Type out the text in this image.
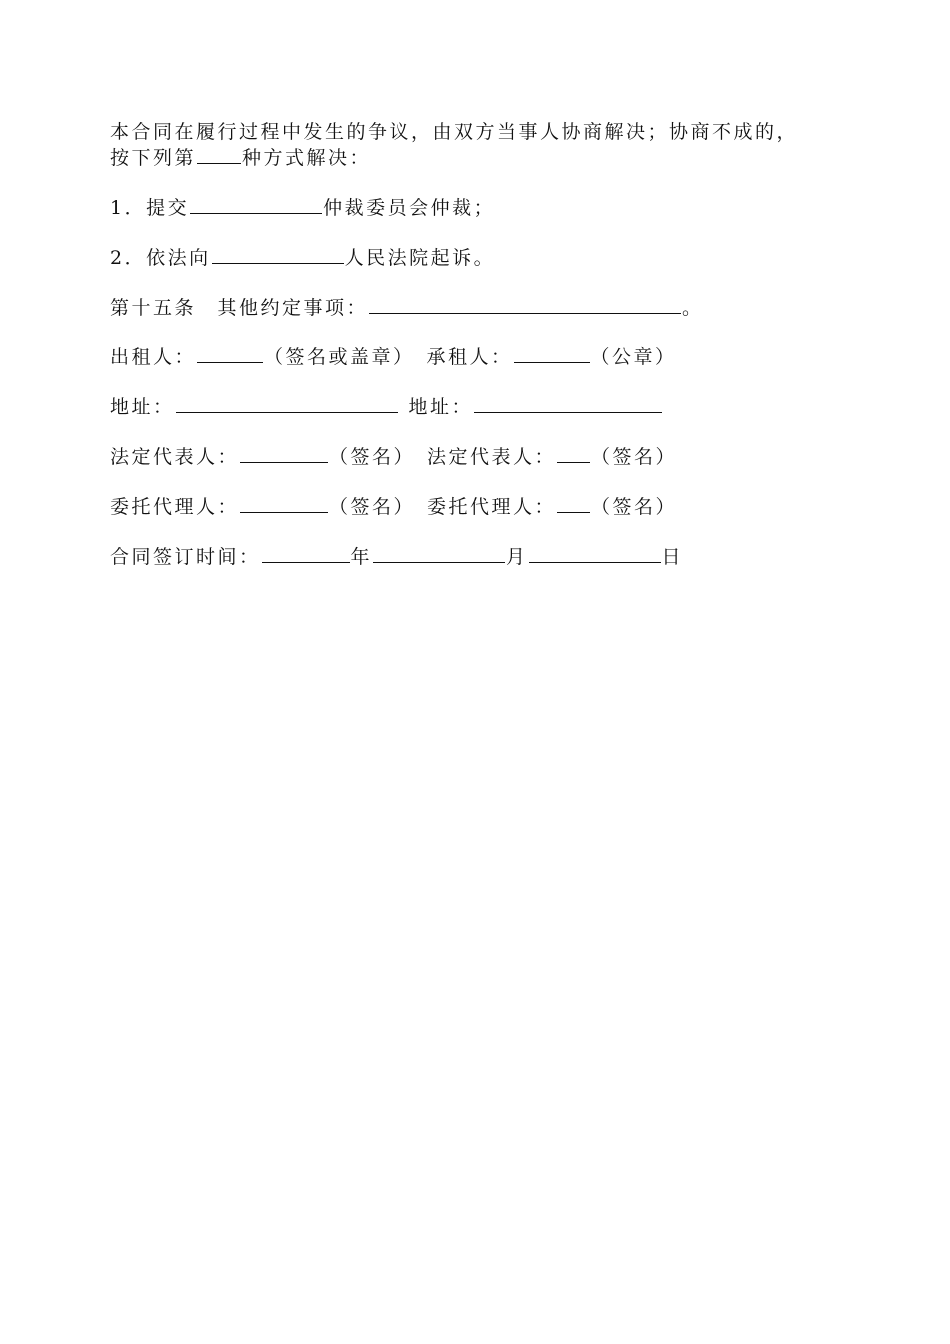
本合同在履行过程中发生的争议，由双方当事人协商解决；协商不成的，
按下列第 种方式解决：
1．提交	仲裁委员会仲裁；
2．依法向	人民法院起诉。
第十五条　其他约定事项：	。
出租人：	（签名或盖章） 承租人：	（公章）
地址：	地址：
法定代表人：	（签名） 法定代表人： （签名）
委托代理人：	（签名） 委托代理人： （签名）
合同签订时间：	年	月	日
